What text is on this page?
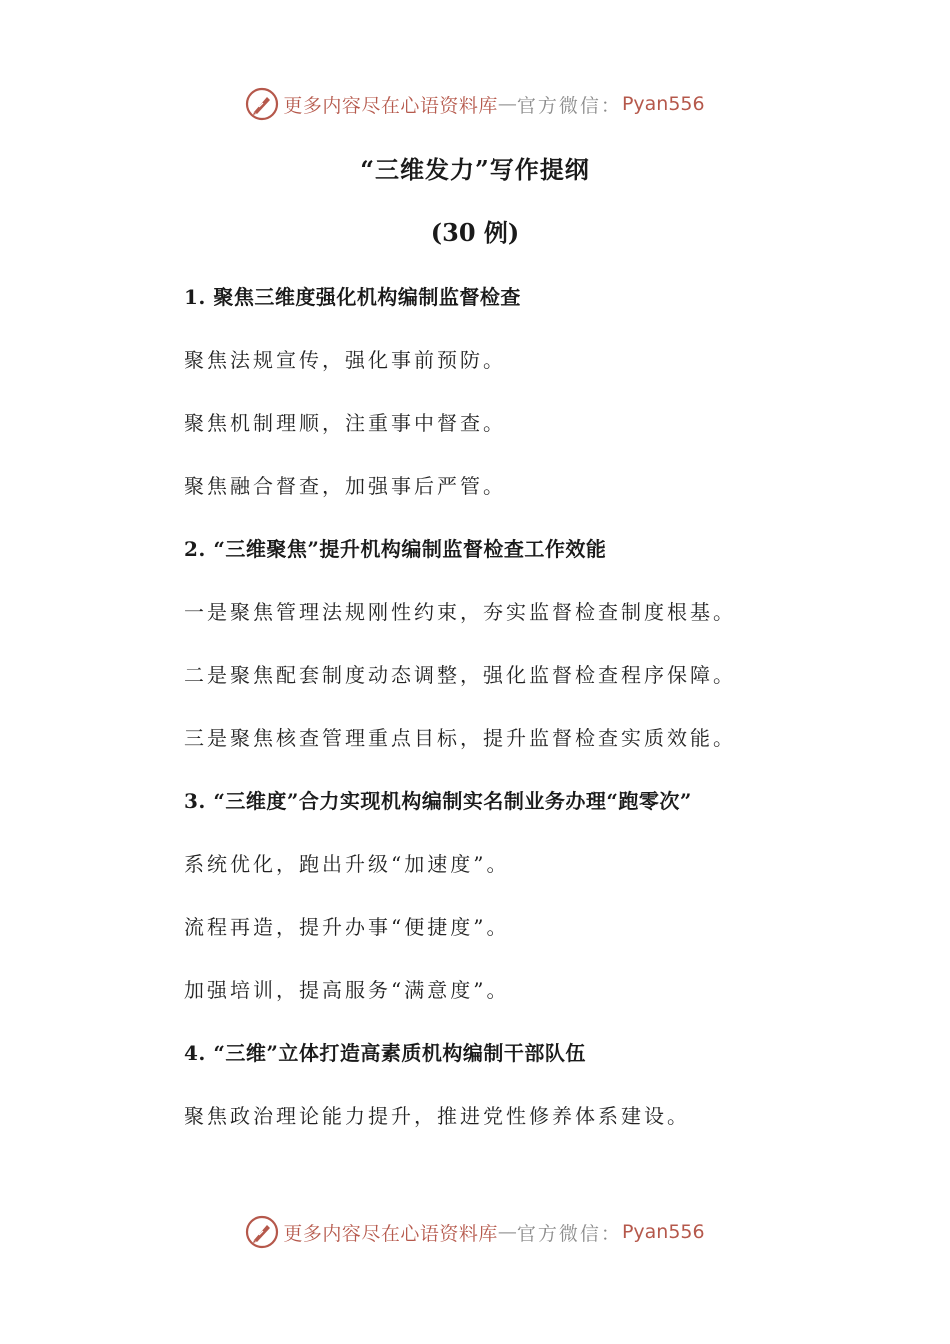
更多内容尽在心语资料库 — 官方微信： Pyan556
“三维发力”写作提纲
(30 例)
1. 聚焦三维度强化机构编制监督检查
聚焦法规宣传，强化事前预防。
聚焦机制理顺，注重事中督查。
聚焦融合督查，加强事后严管。
2. “三维聚焦”提升机构编制监督检查工作效能
一是聚焦管理法规刚性约束，夯实监督检查制度根基。
二是聚焦配套制度动态调整，强化监督检查程序保障。
三是聚焦核查管理重点目标，提升监督检查实质效能。
3. “三维度”合力实现机构编制实名制业务办理“跑零次”
系统优化，跑出升级“加速度”。
流程再造，提升办事“便捷度”。
加强培训，提高服务“满意度”。
4. “三维”立体打造高素质机构编制干部队伍
聚焦政治理论能力提升，推进党性修养体系建设。
更多内容尽在心语资料库 — 官方微信： Pyan556
